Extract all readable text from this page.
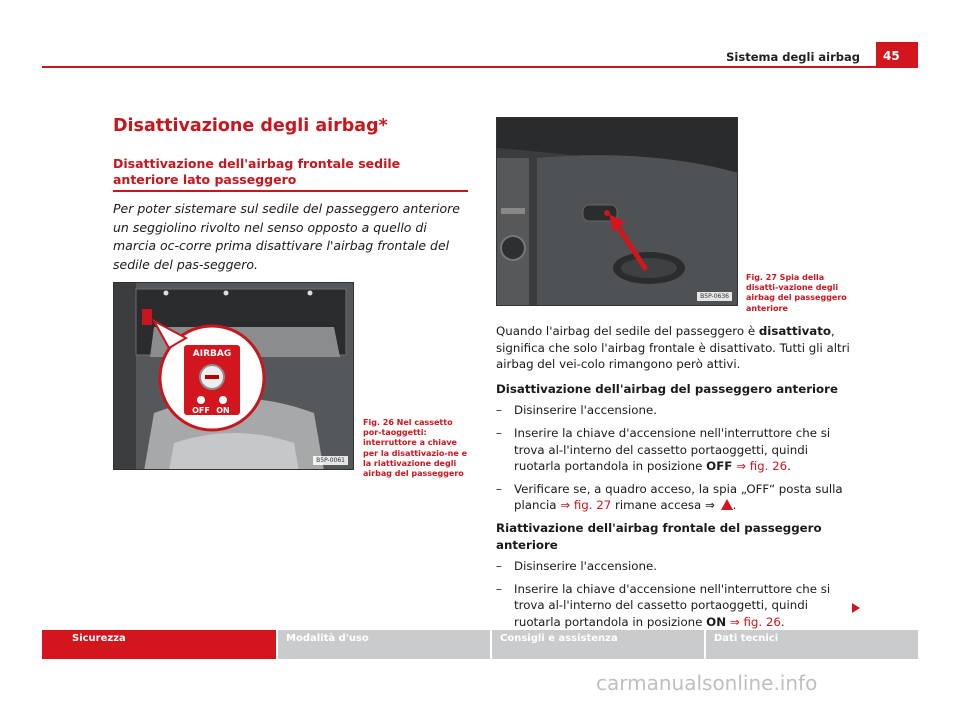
Sistema degli airbag	45
Disattivazione degli airbag*
Disattivazione dell'airbag frontale sedile anteriore lato passeggero
Per poter sistemare sul sedile del passeggero anteriore un seggiolino rivolto nel senso opposto a quello di marcia oc-corre prima disattivare l'airbag frontale del sedile del pas-seggero.
AIRBAG
OFF ON
B5P-0061
Fig. 26 Nel cassetto por-taoggetti: interruttore a chiave per la disattivazio-ne e la riattivazione degli airbag del passeggero
B5P-0636
Fig. 27 Spia della disatti-vazione degli airbag del passeggero anteriore

Quando l'airbag del sedile del passeggero è disattivato, significa che solo l'airbag frontale è disattivato. Tutti gli altri airbag del vei-colo rimangono però attivi.

Disattivazione dell'airbag del passeggero anteriore

– Disinserire l'accensione.
– Inserire la chiave d'accensione nell'interruttore che si trova al-l'interno del cassetto portaoggetti, quindi ruotarla portandola in posizione OFF ⇒ fig. 26.
– Verificare se, a quadro acceso, la spia „OFF“ posta sulla plancia ⇒ fig. 27 rimane accesa ⇒ .

Riattivazione dell'airbag frontale del passeggero anteriore

– Disinserire l'accensione.
– Inserire la chiave d'accensione nell'interruttore che si trova al-l'interno del cassetto portaoggetti, quindi ruotarla portandola in posizione ON ⇒ fig. 26.
Sicurezza	Modalità d'uso	Consigli e assistenza	Dati tecnici
carmanualsonline.info
